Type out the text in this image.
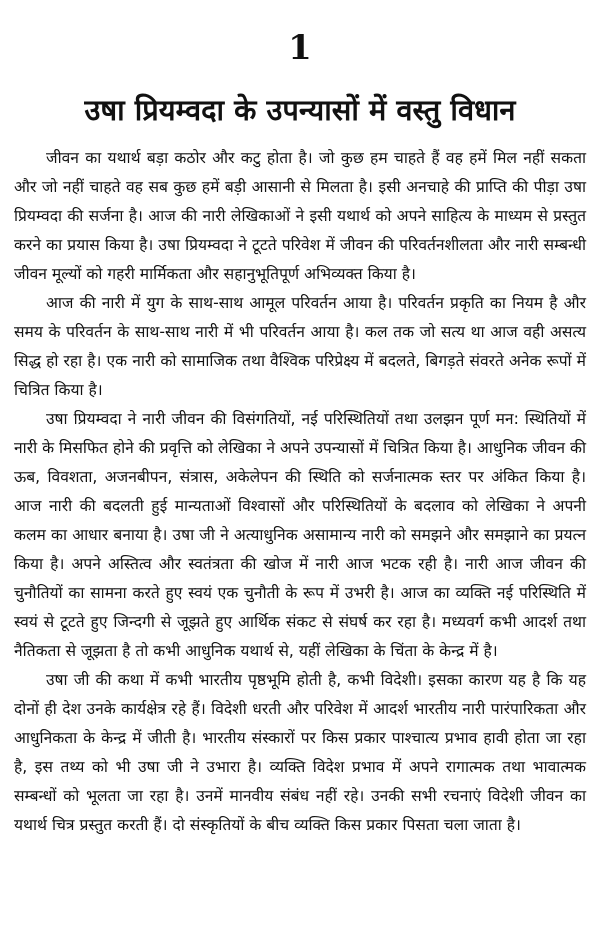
1
उषा प्रियम्वदा के उपन्यासों में वस्तु विधान

जीवन का यथार्थ बड़ा कठोर और कटु होता है। जो कुछ हम चाहते हैं वह हमें मिल नहीं सकता और जो नहीं चाहते वह सब कुछ हमें बड़ी आसानी से मिलता है। इसी अनचाहे की प्राप्ति की पीड़ा उषा प्रियम्वदा की सर्जना है। आज की नारी लेखिकाओं ने इसी यथार्थ को अपने साहित्य के माध्यम से प्रस्तुत करने का प्रयास किया है। उषा प्रियम्वदा ने टूटते परिवेश में जीवन की परिवर्तनशीलता और नारी सम्बन्धी जीवन मूल्यों को गहरी मार्मिकता और सहानुभूतिपूर्ण अभिव्यक्त किया है।

आज की नारी में युग के साथ-साथ आमूल परिवर्तन आया है। परिवर्तन प्रकृति का नियम है और समय के परिवर्तन के साथ-साथ नारी में भी परिवर्तन आया है। कल तक जो सत्य था आज वही असत्य सिद्ध हो रहा है। एक नारी को सामाजिक तथा वैश्विक परिप्रेक्ष्य में बदलते, बिगड़ते संवरते अनेक रूपों में चित्रित किया है।

उषा प्रियम्वदा ने नारी जीवन की विसंगतियों, नई परिस्थितियों तथा उलझन पूर्ण मन: स्थितियों में नारी के मिसफित होने की प्रवृत्ति को लेखिका ने अपने उपन्यासों में चित्रित किया है। आधुनिक जीवन की ऊब, विवशता, अजनबीपन, संत्रास, अकेलेपन की स्थिति को सर्जनात्मक स्तर पर अंकित किया है। आज नारी की बदलती हुई मान्यताओं विश्वासों और परिस्थितियों के बदलाव को लेखिका ने अपनी कलम का आधार बनाया है। उषा जी ने अत्याधुनिक असामान्य नारी को समझने और समझाने का प्रयत्न किया है। अपने अस्तित्व और स्वतंत्रता की खोज में नारी आज भटक रही है। नारी आज जीवन की चुनौतियों का सामना करते हुए स्वयं एक चुनौती के रूप में उभरी है। आज का व्यक्ति नई परिस्थिति में स्वयं से टूटते हुए जिन्दगी से जूझते हुए आर्थिक संकट से संघर्ष कर रहा है। मध्यवर्ग कभी आदर्श तथा नैतिकता से जूझता है तो कभी आधुनिक यथार्थ से, यहीं लेखिका के चिंता के केन्द्र में है।

उषा जी की कथा में कभी भारतीय पृष्ठभूमि होती है, कभी विदेशी। इसका कारण यह है कि यह दोनों ही देश उनके कार्यक्षेत्र रहे हैं। विदेशी धरती और परिवेश में आदर्श भारतीय नारी पारंपारिकता और आधुनिकता के केन्द्र में जीती है। भारतीय संस्कारों पर किस प्रकार पाश्चात्य प्रभाव हावी होता जा रहा है, इस तथ्य को भी उषा जी ने उभारा है। व्यक्ति विदेश प्रभाव में अपने रागात्मक तथा भावात्मक सम्बन्धों को भूलता जा रहा है। उनमें मानवीय संबंध नहीं रहे। उनकी सभी रचनाएं विदेशी जीवन का यथार्थ चित्र प्रस्तुत करती हैं। दो संस्कृतियों के बीच व्यक्ति किस प्रकार पिसता चला जाता है।
